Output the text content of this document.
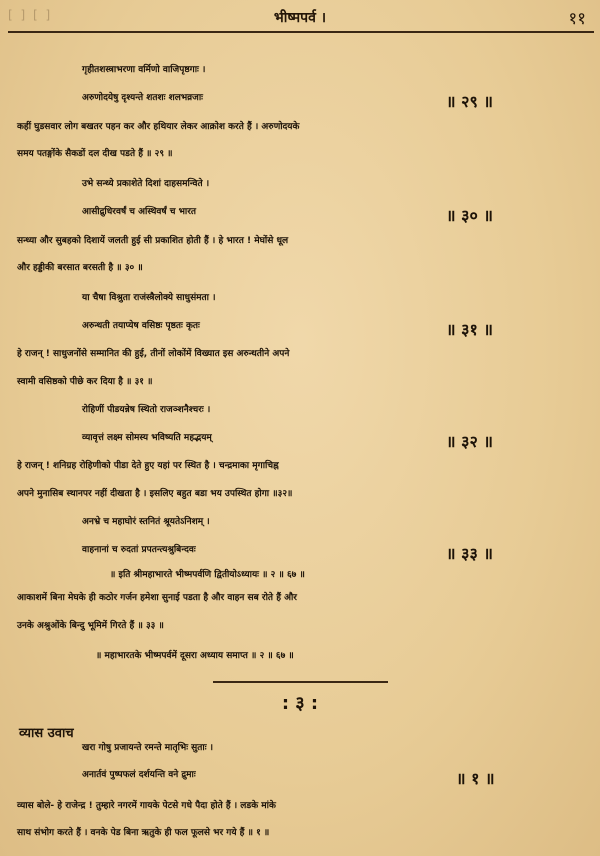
[ ] [ ]	भीष्मपर्व ।	११
गृहीतशस्त्राभरणा वर्मिणो वाजिपृष्ठगाः ।
अरुणोदयेषु दृश्यन्ते शतशः शलभव्रजाः	॥ २९ ॥
कहीं घुडसवार लोग बखतर पहन कर और हथियार लेकर आक्रोश करते हैं । अरुणोदयके
समय पतङ्गोंके सैकडों दल दीख पडते हैं ॥ २९ ॥
उभे सन्ध्ये प्रकाशेते दिशां दाहसमन्विते ।
आसीद्रुधिरवर्षं च अस्थिवर्षं च भारत	॥ ३० ॥
सन्ध्या और सुबहको दिशायें जलती हुई सी प्रकाशित होती हैं । हे भारत ! मेघोंसे धूल
और हड्डीकी बरसात बरसती है ॥ ३० ॥
या चैषा विश्रुता राजंस्त्रैलोक्ये साधुसंमता ।
अरुन्धती तयाप्येष वसिष्ठः पृष्ठतः कृतः	॥ ३१ ॥
हे राजन् ! साधुजनोंसे सम्मानित की हुई, तीनों लोकोंमें विख्यात इस अरुन्धतीने अपने
स्वामी वसिष्ठको पीछे कर दिया है ॥ ३१ ॥
रोहिणीं पीडयन्नेष स्थितो राजञ्शनैश्चरः ।
व्यावृत्तं लक्ष्म सोमस्य भविष्यति महद्भयम्	॥ ३२ ॥
हे राजन् ! शनिग्रह रोहिणीको पीडा देते हुए यहां पर स्थित है । चन्द्रमाका मृगाचिह्न
अपने मुनासिब स्थानपर नहीं दीखता है । इसलिए बहुत बडा भय उपस्थित होगा ॥३२॥
अनभ्रे च महाघोरं स्तनितं श्रूयतेऽनिशम् ।
वाहनानां च रुदतां प्रपतन्त्यश्रुबिन्दवः	॥ ३३ ॥
॥ इति श्रीमहाभारते भीष्मपर्वणि द्वितीयोऽध्यायः ॥ २ ॥ ६७ ॥
आकाशमें बिना मेघके ही कठोर गर्जन हमेशा सुनाई पडता है और वाहन सब रोते हैं और
उनके अश्रुओंके बिन्दु भूमिमें गिरते हैं ॥ ३३ ॥
॥ महाभारतके भीष्मपर्वमें दूसरा अध्याय समाप्त ॥ २ ॥ ६७ ॥
: ३ :
व्यास उवाच
खरा गोषु प्रजायन्ते रमन्ते मातृभिः सुताः ।
अनार्तवं पुष्पफलं दर्शयन्ति वने द्रुमाः	॥ १ ॥
व्यास बोले- हे राजेन्द्र ! तुम्हारे नगरमें गायके पेटसे गधे पैदा होते हैं । लडके मांके
साथ संभोग करते हैं । वनके पेड बिना ऋतुके ही फल फूलसे भर गये हैं ॥ १ ॥
